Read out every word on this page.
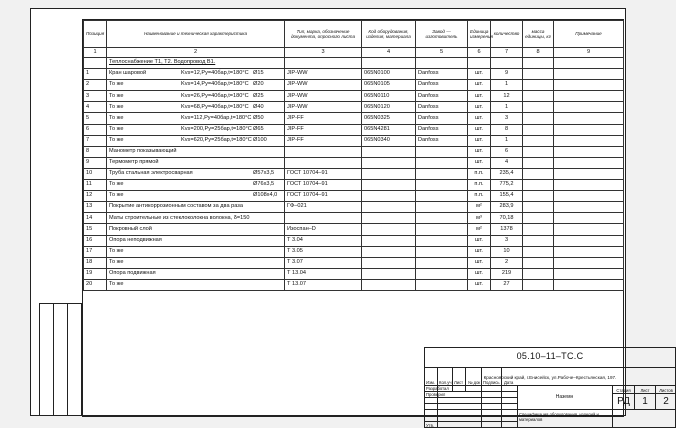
Позиция	Наименование и техническая характеристика	Тип, марка, обозначение документа, опросного листа	Код оборудования, изделия, материала	Завод — изготовитель	Единица измерения	количество	масса единицы, кг	Примечание
1	2	3	4	5	6	7	8	9
	Теплоснабжение Т1, Т2. Водопровод В1.							
1	Кран шаровой Kvs=12,Pу=40бар,t=180°С Ø15	JIP-WW	065N0100	Danfoss	шт.	9		
2	То же Kvs=14,Pу=40бар,t=180°С Ø20	JIP-WW	065N0105	Danfoss	шт.	1		
3	То же Kvs=26,Pу=40бар,t=180°С Ø25	JIP-WW	065N0110	Danfoss	шт.	12		
4	То же Kvs=68,Pу=40бар,t=180°С Ø40	JIP-WW	065N0120	Danfoss	шт.	1		
5	То же Kvs=112,Pу=40бар,t=180°С Ø50	JIP-FF	065N0325	Danfoss	шт.	3		
6	То же Kvs=200,Pу=25бар,t=180°СØ65	JIP-FF	065N4281	Danfoss	шт.	8		
7	То же Kvs=620,Pу=25бар,t=180°СØ100	JIP-FF	065N0340	Danfoss	шт.	1		
8	Манометр показывающий				шт.	6		
9	Термометр прямой				шт.	4		
10	Труба стальная электросварная Ø57х3,5	ГОСТ 10704–91			п.п.	235,4		
11	То же Ø76х3,5	ГОСТ 10704–91			п.п.	775,2		
12	То же Ø108х4,0	ГОСТ 10704–91			п.п.	155,4		
13	Покрытие антикоррозионным составом за два раза	ГФ–021			м²	283,9		
14	Маты строительные из стеклоколокна волокна, δ=150				м³	70,18		
15	Покровный слой	Изоспан–D			м²	1378		
16	Опора неподвижная	Т 3.04			шт.	3		
17	То же	Т 3.05			шт.	10		
18	То же	Т 3.07			шт.	2		
19	Опора подвижная	Т 13.04			шт.	219		
20	То же	Т 13.07			шт.	27		
05.10–11–ТС.С
Красноярский край, г.Енисейск, ул.Рабоче–Крестьянская, 197.
Изм. Кол.уч Лист № док Подпись Дата
Разработал
Проверил
Утв.
Наземн
Спецификация оборудования, изделий и материалов
Стадия	Лист	Листов
РД	1	2
